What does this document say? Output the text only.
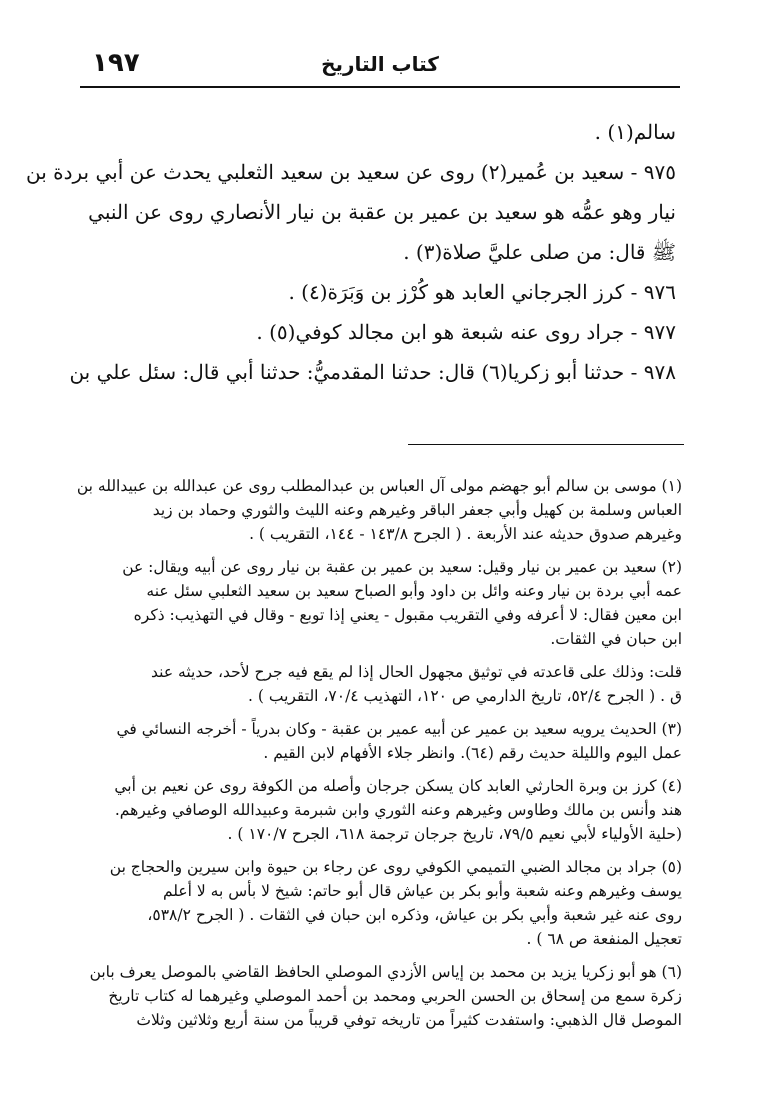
كتاب التاريخ
١٩٧
سالم(١) .
٩٧٥ - سعيد بن عُمير(٢) روى عن سعيد بن سعيد الثعلبي يحدث عن أبي بردة بن
نيار وهو عمُّه هو سعيد بن عمير بن عقبة بن نيار الأنصاري روى عن النبي
ﷺ قال: من صلى عليَّ صلاة(٣) .
٩٧٦ - كرز الجرجاني العابد هو كُرْز بن وَبَرَة(٤) .
٩٧٧ - جراد روى عنه شبعة هو ابن مجالد كوفي(٥) .
٩٧٨ - حدثنا أبو زكريا(٦) قال: حدثنا المقدميُّ: حدثنا أبي قال: سئل علي بن
(١) موسى بن سالم أبو جهضم مولى آل العباس بن عبدالمطلب روى عن عبدالله بن عبيدالله بن
العباس وسلمة بن كهيل وأبي جعفر الباقر وغيرهم وعنه الليث والثوري وحماد بن زيد
وغيرهم صدوق حديثه عند الأربعة . ( الجرح ١٤٣/٨ - ١٤٤، التقريب ) .
(٢) سعيد بن عمير بن نيار وقيل: سعيد بن عمير بن عقبة بن نيار روى عن أبيه ويقال: عن
عمه أبي بردة بن نيار وعنه وائل بن داود وأبو الصباح سعيد بن سعيد الثعلبي سئل عنه
ابن معين فقال: لا أعرفه وفي التقريب مقبول - يعني إذا توبع - وقال في التهذيب: ذكره
ابن حبان في الثقات.
قلت: وذلك على قاعدته في توثيق مجهول الحال إذا لم يقع فيه جرح لأحد، حديثه عند
ق . ( الجرح ٥٢/٤، تاريخ الدارمي ص ١٢٠، التهذيب ٧٠/٤، التقريب ) .
(٣) الحديث يرويه سعيد بن عمير عن أبيه عمير بن عقبة - وكان بدرياً - أخرجه النسائي في
عمل اليوم والليلة حديث رقم (٦٤). وانظر جلاء الأفهام لابن القيم .
(٤) كرز بن وبرة الحارثي العابد كان يسكن جرجان وأصله من الكوفة روى عن نعيم بن أبي
هند وأنس بن مالك وطاوس وغيرهم وعنه الثوري وابن شبرمة وعبيدالله الوصافي وغيرهم.
(حلية الأولياء لأبي نعيم ٧٩/٥، تاريخ جرجان ترجمة ٦١٨، الجرح ١٧٠/٧ ) .
(٥) جراد بن مجالد الضبي التميمي الكوفي روى عن رجاء بن حيوة وابن سيرين والحجاج بن
يوسف وغيرهم وعنه شعبة وأبو بكر بن عياش قال أبو حاتم: شيخ لا بأس به لا أعلم
روى عنه غير شعبة وأبي بكر بن عياش، وذكره ابن حبان في الثقات . ( الجرح ٥٣٨/٢،
تعجيل المنفعة ص ٦٨ ) .
(٦) هو أبو زكريا يزيد بن محمد بن إياس الأزدي الموصلي الحافظ القاضي بالموصل يعرف بابن
زكرة سمع من إسحاق بن الحسن الحربي ومحمد بن أحمد الموصلي وغيرهما له كتاب تاريخ
الموصل قال الذهبي: واستفدت كثيراً من تاريخه توفي قريباً من سنة أربع وثلاثين وثلاث
